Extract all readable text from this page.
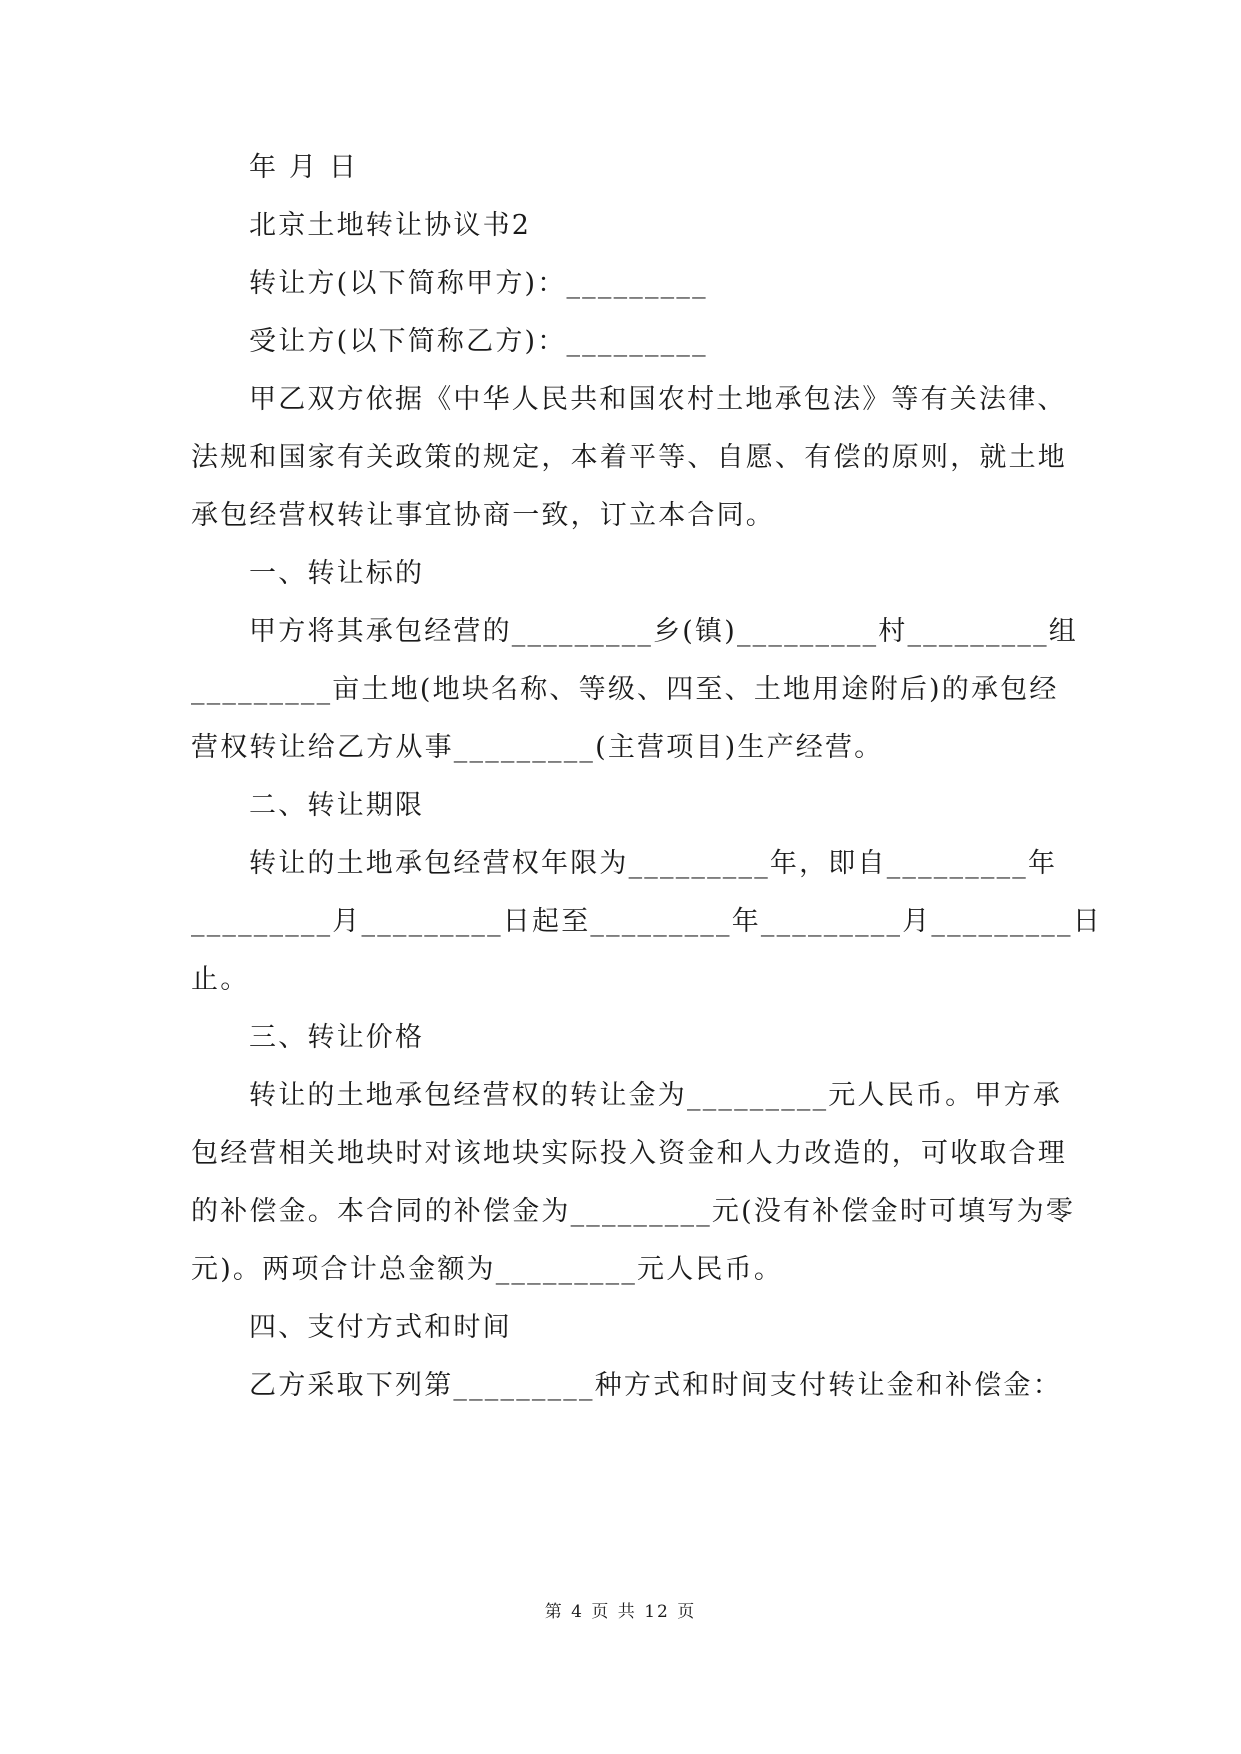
年 月 日
北京土地转让协议书2
转让方(以下简称甲方)：_________
受让方(以下简称乙方)：_________
甲乙双方依据《中华人民共和国农村土地承包法》等有关法律、
法规和国家有关政策的规定，本着平等、自愿、有偿的原则，就土地
承包经营权转让事宜协商一致，订立本合同。
一、转让标的
甲方将其承包经营的_________乡(镇)_________村_________组
_________亩土地(地块名称、等级、四至、土地用途附后)的承包经
营权转让给乙方从事_________(主营项目)生产经营。
二、转让期限
转让的土地承包经营权年限为_________年，即自_________年
_________月_________日起至_________年_________月_________日
止。
三、转让价格
转让的土地承包经营权的转让金为_________元人民币。甲方承
包经营相关地块时对该地块实际投入资金和人力改造的，可收取合理
的补偿金。本合同的补偿金为_________元(没有补偿金时可填写为零
元)。两项合计总金额为_________元人民币。
四、支付方式和时间
乙方采取下列第_________种方式和时间支付转让金和补偿金：
第 4 页 共 12 页
